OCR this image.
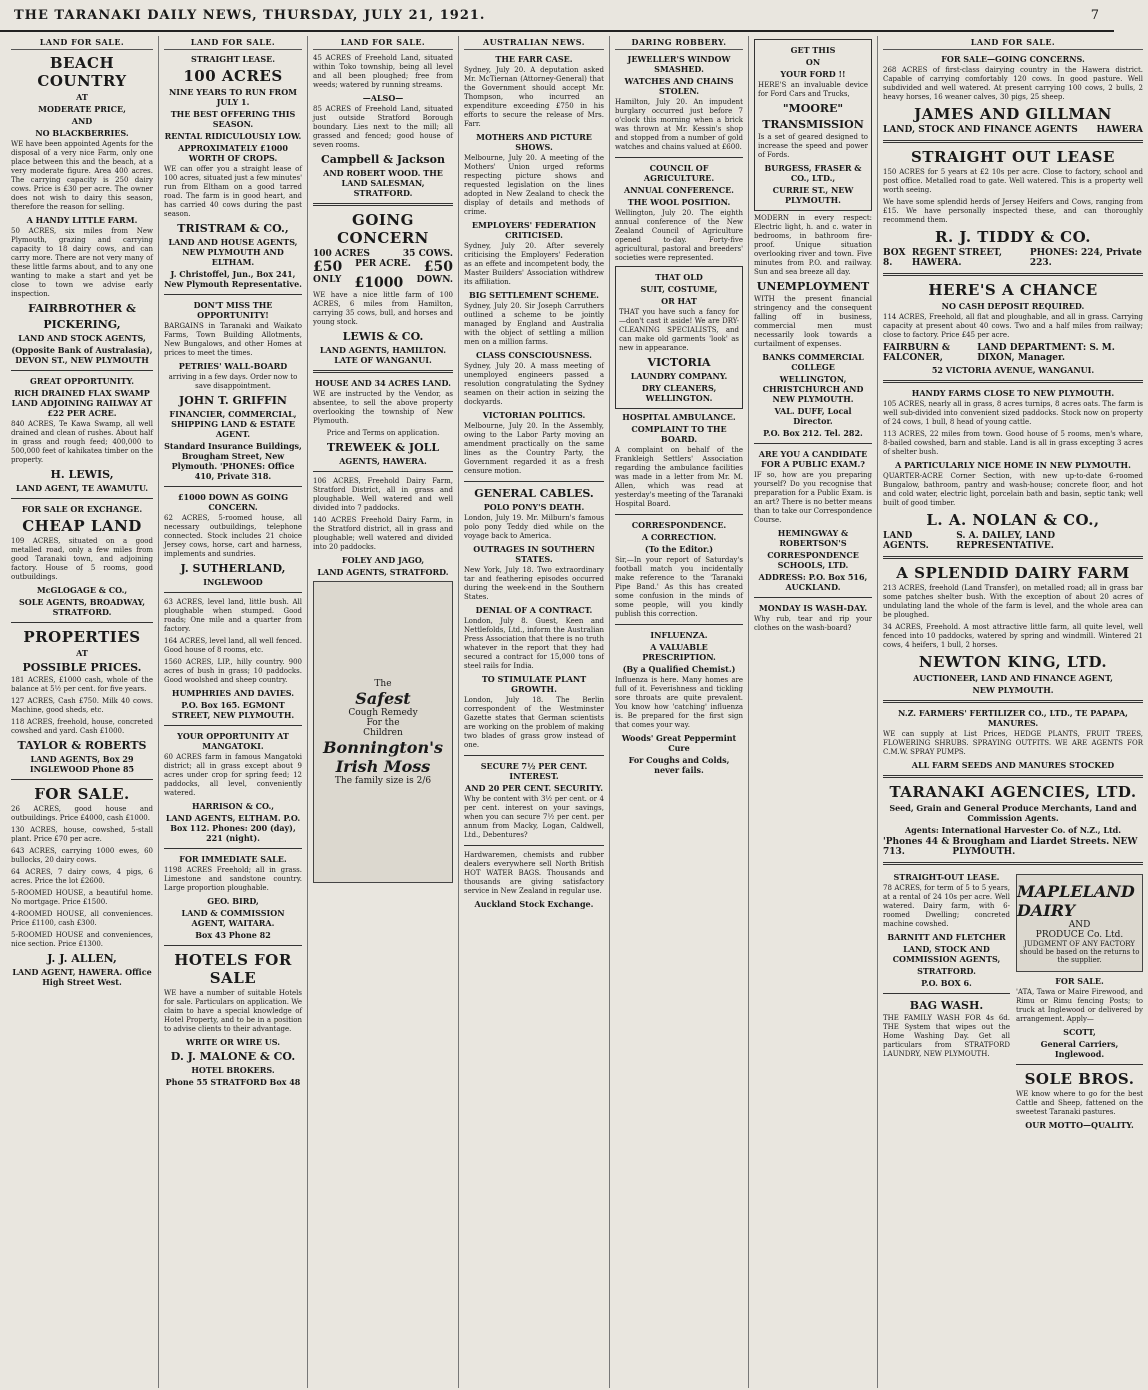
THE TARANAKI DAILY NEWS, THURSDAY, JULY 21, 1921.	7
LAND FOR SALE.
BEACH COUNTRY
AT
MODERATE PRICE,
AND
NO BLACKBERRIES.

WE have been appointed Agents for the disposal of a very nice Farm, only one place between this and the beach, at a very moderate figure. Area 400 acres. The carrying capacity is 250 dairy cows. Price is £30 per acre. The owner does not wish to dairy this season, therefore the reason for selling.

A HANDY LITTLE FARM.

50 ACRES, six miles from New Plymouth, grazing and carrying capacity to 18 dairy cows, and can carry more. There are not very many of these little farms about, and to any one wanting to make a start and yet be close to town we advise early inspection.

FAIRBROTHER &
PICKERING,
LAND AND STOCK AGENTS,
(Opposite Bank of Australasia), DEVON ST., NEW PLYMOUTH
GREAT OPPORTUNITY.
RICH DRAINED FLAX SWAMP LAND ADJOINING RAILWAY AT £22 PER ACRE.

840 ACRES, Te Kawa Swamp, all well drained and clean of rushes. About half in grass and rough feed; 400,000 to 500,000 feet of kahikatea timber on the property.

H. LEWIS,
LAND AGENT, TE AWAMUTU.
FOR SALE OR EXCHANGE.
CHEAP LAND

109 ACRES, situated on a good metalled road, only a few miles from good Taranaki town, and adjoining factory. House of 5 rooms, good outbuildings.

McGLOGAGE & CO.,
SOLE AGENTS, BROADWAY, STRATFORD.
PROPERTIES
AT
POSSIBLE PRICES.

181 ACRES, £1000 cash, whole of the balance at 5½ per cent. for five years.

127 ACRES, Cash £750. Milk 40 cows. Machine, good sheds, etc.

118 ACRES, freehold, house, concreted cowshed and yard. Cash £1000.

TAYLOR & ROBERTS
LAND AGENTS, Box 29 INGLEWOOD Phone 85
FOR SALE.

26 ACRES, good house and outbuildings. Price £4000, cash £1000.

130 ACRES, house, cowshed, 5-stall plant. Price £70 per acre.

643 ACRES, carrying 1000 ewes, 60 bullocks, 20 dairy cows.

64 ACRES, 7 dairy cows, 4 pigs, 6 acres. Price the lot £2600.

5-ROOMED HOUSE, a beautiful home. No mortgage. Price £1500.

4-ROOMED HOUSE, all conveniences. Price £1100, cash £300.

5-ROOMED HOUSE and conveniences, nice section. Price £1300.

J. J. ALLEN,
LAND AGENT, HAWERA. Office High Street West.
LAND FOR SALE.
STRAIGHT LEASE.
100 ACRES
NINE YEARS TO RUN FROM JULY 1.
THE BEST OFFERING THIS SEASON.
RENTAL RIDICULOUSLY LOW.
APPROXIMATELY £1000 WORTH OF CROPS.

WE can offer you a straight lease of 100 acres, situated just a few minutes' run from Eltham on a good tarred road. The farm is in good heart, and has carried 40 cows during the past season.

TRISTRAM & CO.,
LAND AND HOUSE AGENTS, NEW PLYMOUTH AND ELTHAM.
J. Christoffel, Jun., Box 241, New Plymouth Representative.
DON'T MISS THE OPPORTUNITY!

BARGAINS in Taranaki and Waikato Farms, Town Building Allotments, New Bungalows, and other Homes at prices to meet the times.

PETRIES' WALL-BOARD

arriving in a few days. Order now to save disappointment.

JOHN T. GRIFFIN
FINANCIER, COMMERCIAL, SHIPPING LAND & ESTATE AGENT.
Standard Insurance Buildings, Brougham Street, New Plymouth. 'PHONES: Office 410, Private 318.
£1000 DOWN AS GOING CONCERN.

62 ACRES, 5-roomed house, all necessary outbuildings, telephone connected. Stock includes 21 choice Jersey cows, horse, cart and harness, implements and sundries.

J. SUTHERLAND,
INGLEWOOD

63 ACRES, level land, little bush. All ploughable when stumped. Good roads; One mile and a quarter from factory.

164 ACRES, level land, all well fenced. Good house of 8 rooms, etc.

1560 ACRES, LIP., hilly country. 900 acres of bush in grass; 10 paddocks. Good woolshed and sheep country.

HUMPHRIES AND DAVIES.
P.O. Box 165. EGMONT STREET, NEW PLYMOUTH.
YOUR OPPORTUNITY AT MANGATOKI.

60 ACRES farm in famous Mangatoki district; all in grass except about 9 acres under crop for spring feed; 12 paddocks, all level, conveniently watered.

HARRISON & CO.,
LAND AGENTS, ELTHAM. P.O. Box 112. Phones: 200 (day), 221 (night).
FOR IMMEDIATE SALE.

1198 ACRES Freehold; all in grass. Limestone and sandstone country. Large proportion ploughable.

GEO. BIRD,
LAND & COMMISSION AGENT, WAITARA.
Box 43 Phone 82
HOTELS FOR SALE

WE have a number of suitable Hotels for sale. Particulars on application. We claim to have a special knowledge of Hotel Property, and to be in a position to advise clients to their advantage.

WRITE OR WIRE US.
D. J. MALONE & CO.
HOTEL BROKERS.
Phone 55 STRATFORD Box 48
LAND FOR SALE.

45 ACRES of Freehold Land, situated within Toko township, being all level and all been ploughed; free from weeds; watered by running streams.

—ALSO—

85 ACRES of Freehold Land, situated just outside Stratford Borough boundary. Lies next to the mill; all grassed and fenced; good house of seven rooms.

Campbell & Jackson
AND ROBERT WOOD. THE LAND SALESMAN, STRATFORD.
GOING CONCERN
100 ACRES	35 COWS.
£50 PER ACRE. £50
ONLY £1000 DOWN.

WE have a nice little farm of 100 ACRES, 6 miles from Hamilton, carrying 35 cows, bull, and horses and young stock.

LEWIS & CO.
LAND AGENTS, HAMILTON. LATE OF WANGANUI.
HOUSE AND 34 ACRES LAND.

WE are instructed by the Vendor, as absentee, to sell the above property overlooking the township of New Plymouth.

Price and Terms on application.

TREWEEK & JOLL
AGENTS, HAWERA.

106 ACRES, Freehold Dairy Farm, Stratford District, all in grass and ploughable. Well watered and well divided into 7 paddocks.

140 ACRES Freehold Dairy Farm, in the Stratford district, all in grass and ploughable; well watered and divided into 20 paddocks.

FOLEY AND JAGO,
LAND AGENTS, STRATFORD.
The
Safest
Cough Remedy
For the
Children
Bonnington's
Irish Moss
The family size is 2/6
AUSTRALIAN NEWS.
THE FARR CASE.

Sydney, July 20. A deputation asked Mr. McTiernan (Attorney-General) that the Government should accept Mr. Thompson, who incurred an expenditure exceeding £750 in his efforts to secure the release of Mrs. Farr.

MOTHERS AND PICTURE SHOWS.

Melbourne, July 20. A meeting of the Mothers' Union urged reforms respecting picture shows and requested legislation on the lines adopted in New Zealand to check the display of details and methods of crime.

EMPLOYERS' FEDERATION CRITICISED.

Sydney, July 20. After severely criticising the Employers' Federation as an effete and incompetent body, the Master Builders' Association withdrew its affiliation.

BIG SETTLEMENT SCHEME.

Sydney, July 20. Sir Joseph Carruthers outlined a scheme to be jointly managed by England and Australia with the object of settling a million men on a million farms.

CLASS CONSCIOUSNESS.

Sydney, July 20. A mass meeting of unemployed engineers passed a resolution congratulating the Sydney seamen on their action in seizing the dockyards.

VICTORIAN POLITICS.

Melbourne, July 20. In the Assembly, owing to the Labor Party moving an amendment practically on the same lines as the Country Party, the Government regarded it as a fresh censure motion.

GENERAL CABLES.
POLO PONY'S DEATH.

London, July 19. Mr. Milburn's famous polo pony Teddy died while on the voyage back to America.

OUTRAGES IN SOUTHERN STATES.

New York, July 18. Two extraordinary tar and feathering episodes occurred during the week-end in the Southern States.

DENIAL OF A CONTRACT.

London, July 8. Guest, Keen and Nettlefolds, Ltd., inform the Australian Press Association that there is no truth whatever in the report that they had secured a contract for 15,000 tons of steel rails for India.

TO STIMULATE PLANT GROWTH.

London, July 18. The Berlin correspondent of the Westminster Gazette states that German scientists are working on the problem of making two blades of grass grow instead of one.

SECURE 7½ PER CENT. INTEREST.
AND 20 PER CENT. SECURITY.

Why be content with 3½ per cent. or 4 per cent. interest on your savings, when you can secure 7½ per cent. per annum from Macky, Logan, Caldwell, Ltd., Debentures?

Hardwaremen, chemists and rubber dealers everywhere sell North British HOT WATER BAGS. Thousands and thousands are giving satisfactory service in New Zealand in regular use.

Auckland Stock Exchange.
DARING ROBBERY.
JEWELLER'S WINDOW SMASHED.
WATCHES AND CHAINS STOLEN.

Hamilton, July 20. An impudent burglary occurred just before 7 o'clock this morning when a brick was thrown at Mr. Kessin's shop and stopped from a number of gold watches and chains valued at £600.

COUNCIL OF AGRICULTURE.
ANNUAL CONFERENCE.
THE WOOL POSITION.

Wellington, July 20. The eighth annual conference of the New Zealand Council of Agriculture opened to-day. Forty-five agricultural, pastoral and breeders' societies were represented.

THAT OLD
SUIT, COSTUME,
OR HAT

THAT you have such a fancy for —don't cast it aside! We are DRY-CLEANING SPECIALISTS, and can make old garments 'look' as new in appearance.

VICTORIA
LAUNDRY COMPANY.
DRY CLEANERS, WELLINGTON.
HOSPITAL AMBULANCE.
COMPLAINT TO THE BOARD.

A complaint on behalf of the Frankleigh Settlers' Association regarding the ambulance facilities was made in a letter from Mr. M. Allen, which was read at yesterday's meeting of the Taranaki Hospital Board.

CORRESPONDENCE.
A CORRECTION.
(To the Editor.)

Sir,—In your report of Saturday's football match you incidentally make reference to the 'Taranaki Pipe Band.' As this has created some confusion in the minds of some people, will you kindly publish this correction.

INFLUENZA.
A VALUABLE PRESCRIPTION.
(By a Qualified Chemist.)

Influenza is here. Many homes are full of it. Feverishness and tickling sore throats are quite prevalent. You know how 'catching' influenza is. Be prepared for the first sign that comes your way.

Woods' Great Peppermint Cure
For Coughs and Colds, never fails.
GET THIS
ON
YOUR FORD !!

HERE'S an invaluable device for Ford Cars and Trucks,

"MOORE"
TRANSMISSION

Is a set of geared designed to increase the speed and power of Fords.

BURGESS, FRASER & CO., LTD.,
CURRIE ST., NEW PLYMOUTH.

MODERN in every respect: Electric light, h. and c. water in bedrooms, in bathroom fire-proof. Unique situation overlooking river and town. Five minutes from P.O. and railway. Sun and sea breeze all day.

UNEMPLOYMENT

WITH the present financial stringency and the consequent falling off in business, commercial men must necessarily look towards a curtailment of expenses.

BANKS COMMERCIAL COLLEGE
WELLINGTON, CHRISTCHURCH AND NEW PLYMOUTH.
VAL. DUFF, Local Director.
P.O. Box 212. Tel. 282.
ARE YOU A CANDIDATE FOR A PUBLIC EXAM.?

IF so, how are you preparing yourself? Do you recognise that preparation for a Public Exam. is an art? There is no better means than to take our Correspondence Course.

HEMINGWAY & ROBERTSON'S
CORRESPONDENCE SCHOOLS, LTD.
ADDRESS: P.O. Box 516, AUCKLAND.
MONDAY IS WASH-DAY.

Why rub, tear and rip your clothes on the wash-board?

LAND FOR SALE.
FOR SALE—GOING CONCERNS.

268 ACRES of first-class dairying country in the Hawera district. Capable of carrying comfortably 120 cows. In good pasture. Well subdivided and well watered. At present carrying 100 cows, 2 bulls, 2 heavy horses, 16 weaner calves, 30 pigs, 25 sheep.

JAMES AND GILLMAN
LAND, STOCK AND FINANCE AGENTS HAWERA
STRAIGHT OUT LEASE

150 ACRES for 5 years at £2 10s per acre. Close to factory, school and post office. Metalled road to gate. Well watered. This is a property well worth seeing.

We have some splendid herds of Jersey Heifers and Cows, ranging from £15. We have personally inspected these, and can thoroughly recommend them.

R. J. TIDDY & CO.
BOX 8.
REGENT STREET, HAWERA.
PHONES: 224, Private 223.
HERE'S A CHANCE
NO CASH DEPOSIT REQUIRED.

114 ACRES, Freehold, all flat and ploughable, and all in grass. Carrying capacity at present about 40 cows. Two and a half miles from railway; close to factory. Price £45 per acre.

FAIRBURN & FALCONER,
LAND DEPARTMENT: S. M. DIXON, Manager.
52 VICTORIA AVENUE, WANGANUI.
HANDY FARMS CLOSE TO NEW PLYMOUTH.

105 ACRES, nearly all in grass, 8 acres turnips, 8 acres oats. The farm is well sub-divided into convenient sized paddocks. Stock now on property of 24 cows, 1 bull, 8 head of young cattle.

113 ACRES, 22 miles from town. Good house of 5 rooms, men's whare, 8-bailed cowshed, barn and stable. Land is all in grass excepting 3 acres of shelter bush.

A PARTICULARLY NICE HOME IN NEW PLYMOUTH.

QUARTER-ACRE Corner Section, with new up-to-date 6-roomed Bungalow, bathroom, pantry and wash-house; concrete floor, and hot and cold water, electric light, porcelain bath and basin, septic tank; well built of good timber.

L. A. NOLAN & CO.,
LAND AGENTS.
S. A. DAILEY, LAND REPRESENTATIVE.
A SPLENDID DAIRY FARM

213 ACRES, freehold (Land Transfer), on metalled road; all in grass bar some patches shelter bush. With the exception of about 20 acres of undulating land the whole of the farm is level, and the whole area can be ploughed.

34 ACRES, Freehold. A most attractive little farm, all quite level, well fenced into 10 paddocks, watered by spring and windmill. Wintered 21 cows, 4 heifers, 1 bull, 2 horses.

NEWTON KING, LTD.
AUCTIONEER, LAND AND FINANCE AGENT,
NEW PLYMOUTH.
N.Z. FARMERS' FERTILIZER CO., LTD., TE PAPAPA, MANURES.

WE can supply at List Prices, HEDGE PLANTS, FRUIT TREES, FLOWERING SHRUBS. SPRAYING OUTFITS. WE ARE AGENTS FOR C.M.W. SPRAY PUMPS.

ALL FARM SEEDS AND MANURES STOCKED
TARANAKI AGENCIES, LTD.
Seed, Grain and General Produce Merchants, Land and Commission Agents.
Agents: International Harvester Co. of N.Z., Ltd.
'Phones 44 & 713.
Brougham and Liardet Streets. NEW PLYMOUTH.
STRAIGHT-OUT LEASE.

78 ACRES, for term of 5 to 5 years, at a rental of 24 10s per acre. Well watered. Dairy farm, with 6-roomed Dwelling; concreted machine cowshed.

BARNITT AND FLETCHER
LAND, STOCK AND COMMISSION AGENTS,
STRATFORD.
P.O. BOX 6.
BAG WASH.

THE FAMILY WASH FOR 4s 6d. THE System that wipes out the Home Washing Day. Get all particulars from STRATFORD LAUNDRY, NEW PLYMOUTH.

MAPLELAND DAIRY
AND
PRODUCE Co. Ltd.
JUDGMENT OF ANY FACTORY should be based on the returns to the supplier.
FOR SALE.

'ATA, Tawa or Maire Firewood, and Rimu or Rimu fencing Posts; to truck at Inglewood or delivered by arrangement. Apply—

SCOTT,
General Carriers, Inglewood.
SOLE BROS.

WE know where to go for the best Cattle and Sheep, fattened on the sweetest Taranaki pastures.

OUR MOTTO—QUALITY.
